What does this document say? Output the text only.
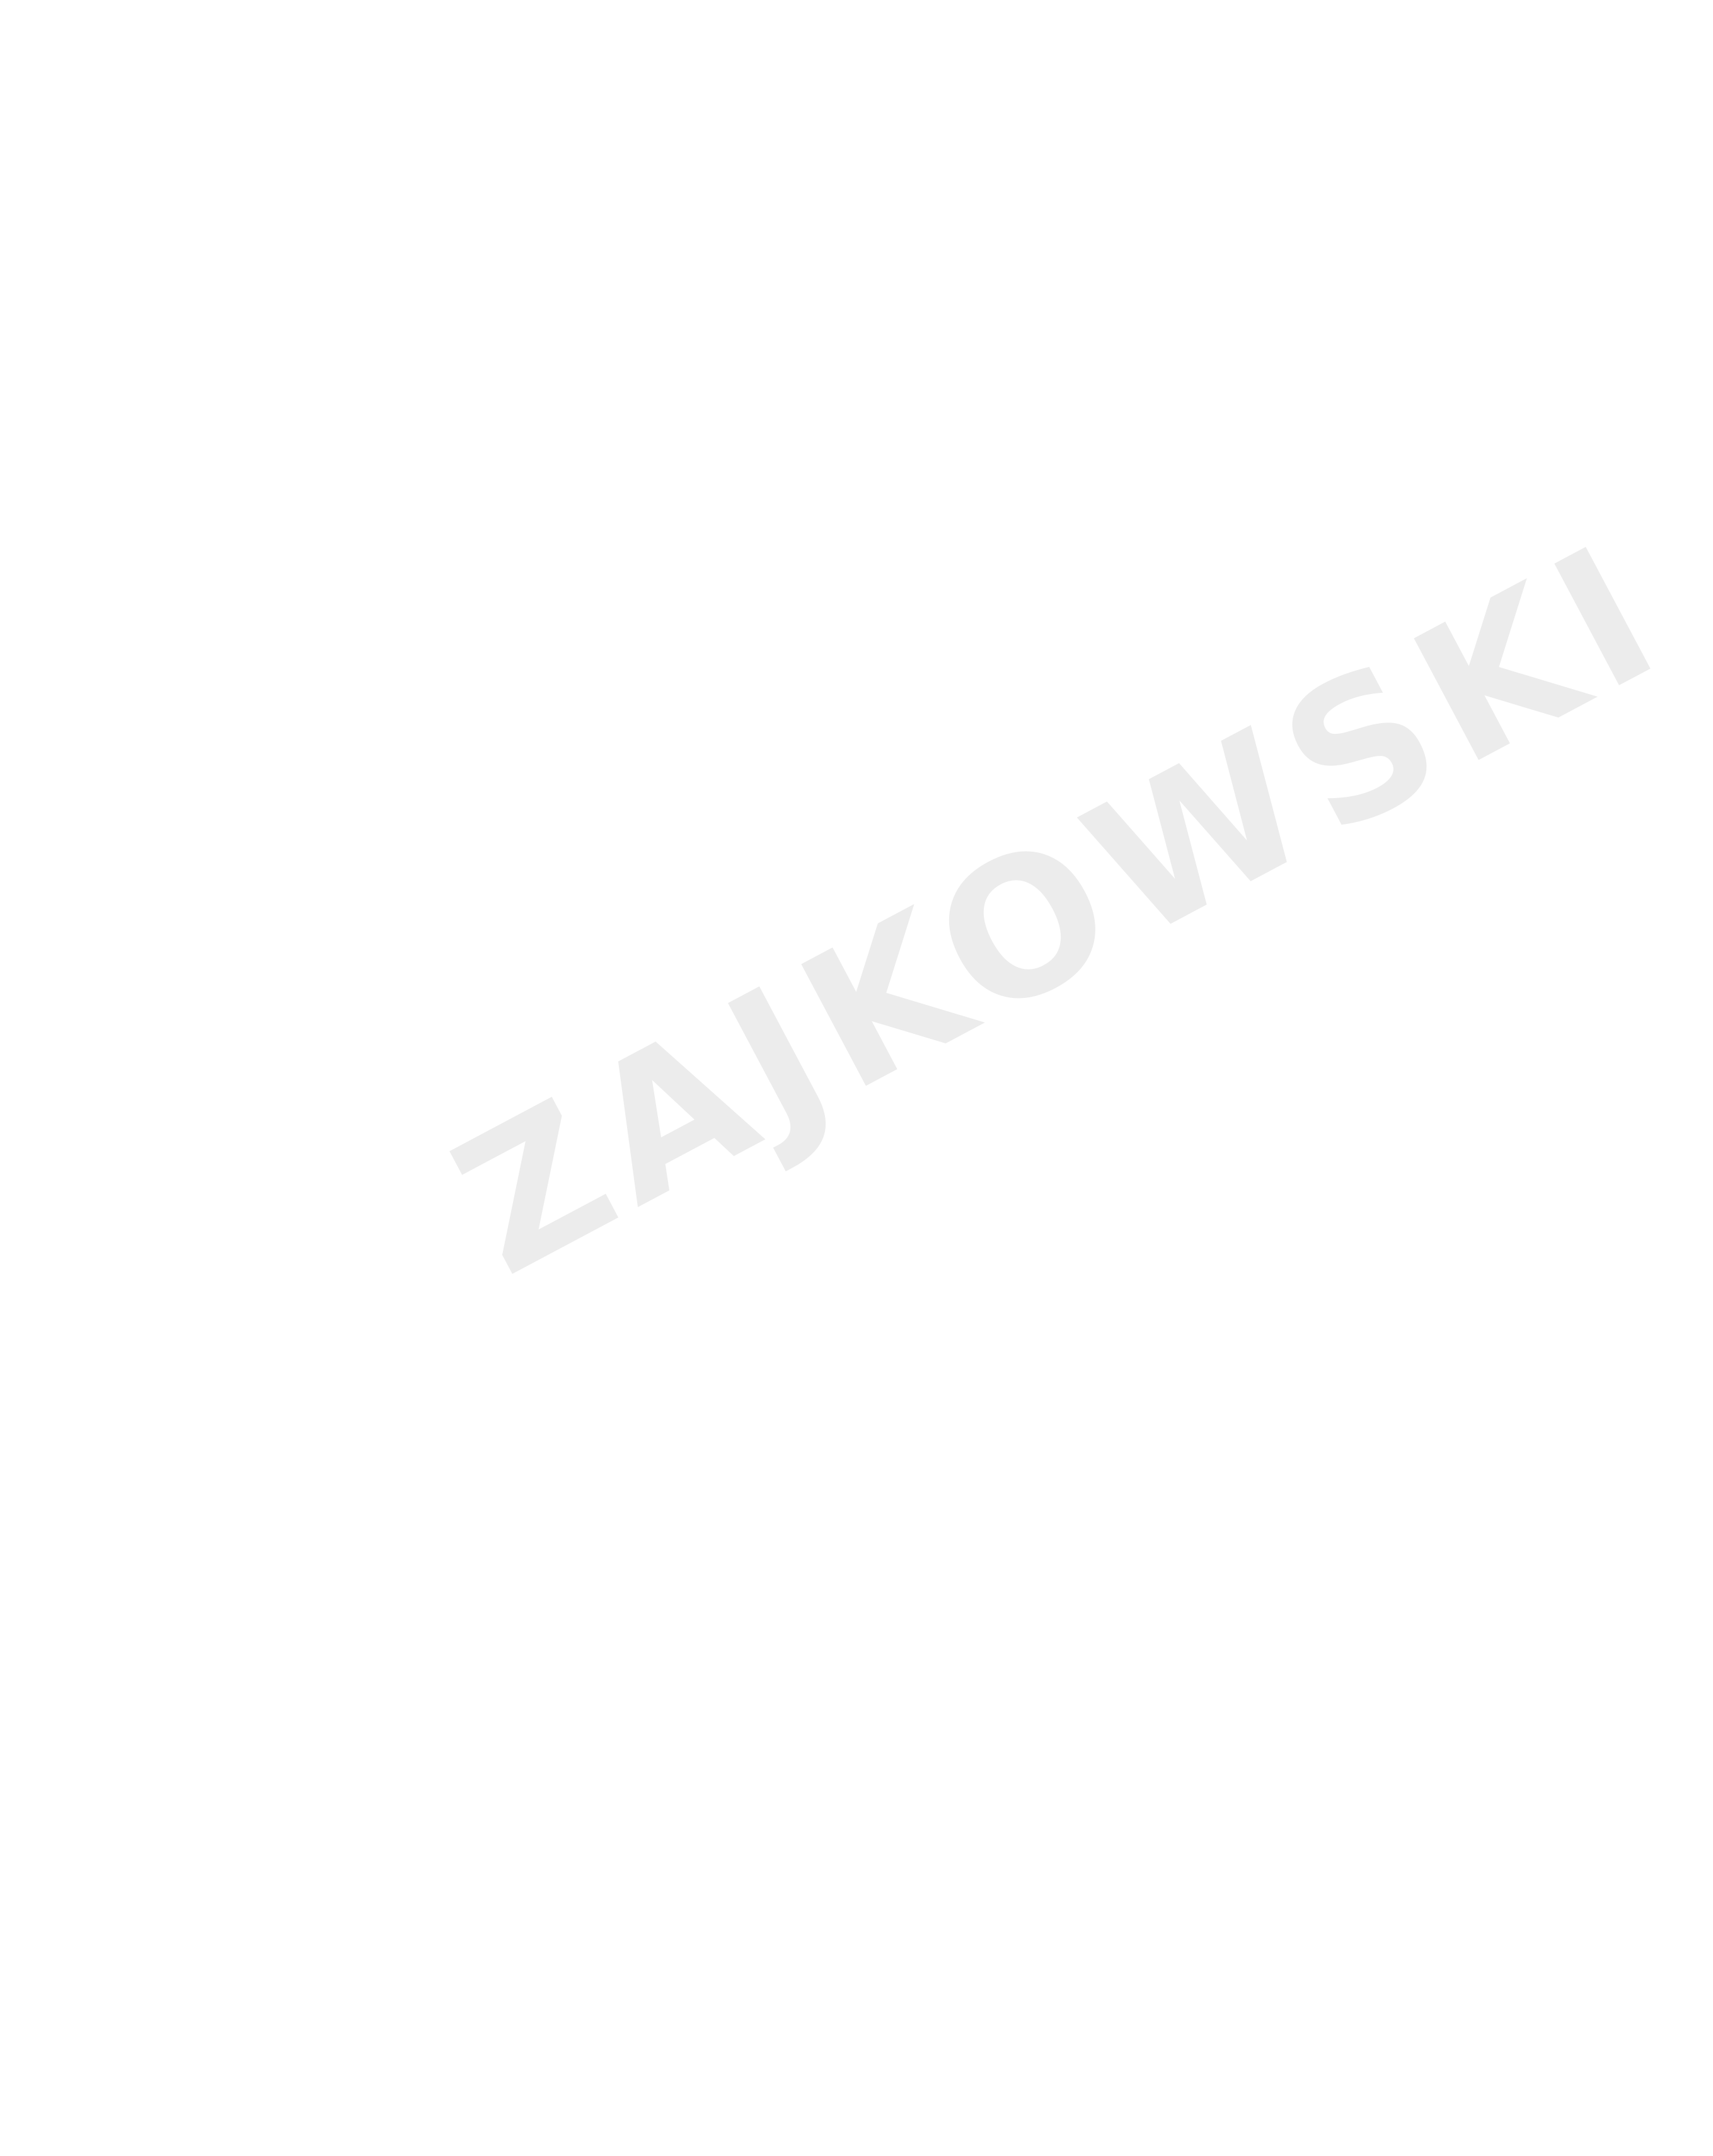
ZAJKOWSKI
